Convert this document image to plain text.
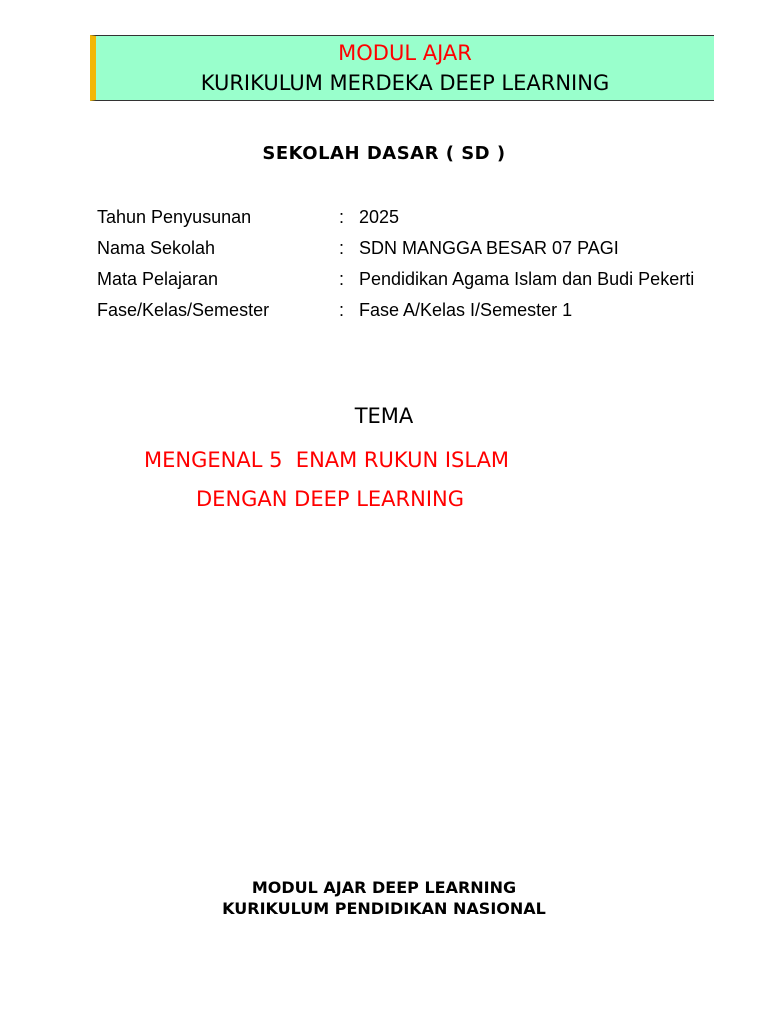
MODUL AJAR
KURIKULUM MERDEKA DEEP LEARNING
SEKOLAH DASAR ( SD )
Tahun Penyusunan	: 2025
Nama Sekolah	: SDN MANGGA BESAR 07 PAGI
Mata Pelajaran	: Pendidikan Agama Islam dan Budi Pekerti
Fase/Kelas/Semester	: Fase A/Kelas I/Semester 1
TEMA
MENGENAL 5  ENAM RUKUN ISLAM
DENGAN DEEP LEARNING
MODUL AJAR DEEP LEARNING
KURIKULUM PENDIDIKAN NASIONAL
